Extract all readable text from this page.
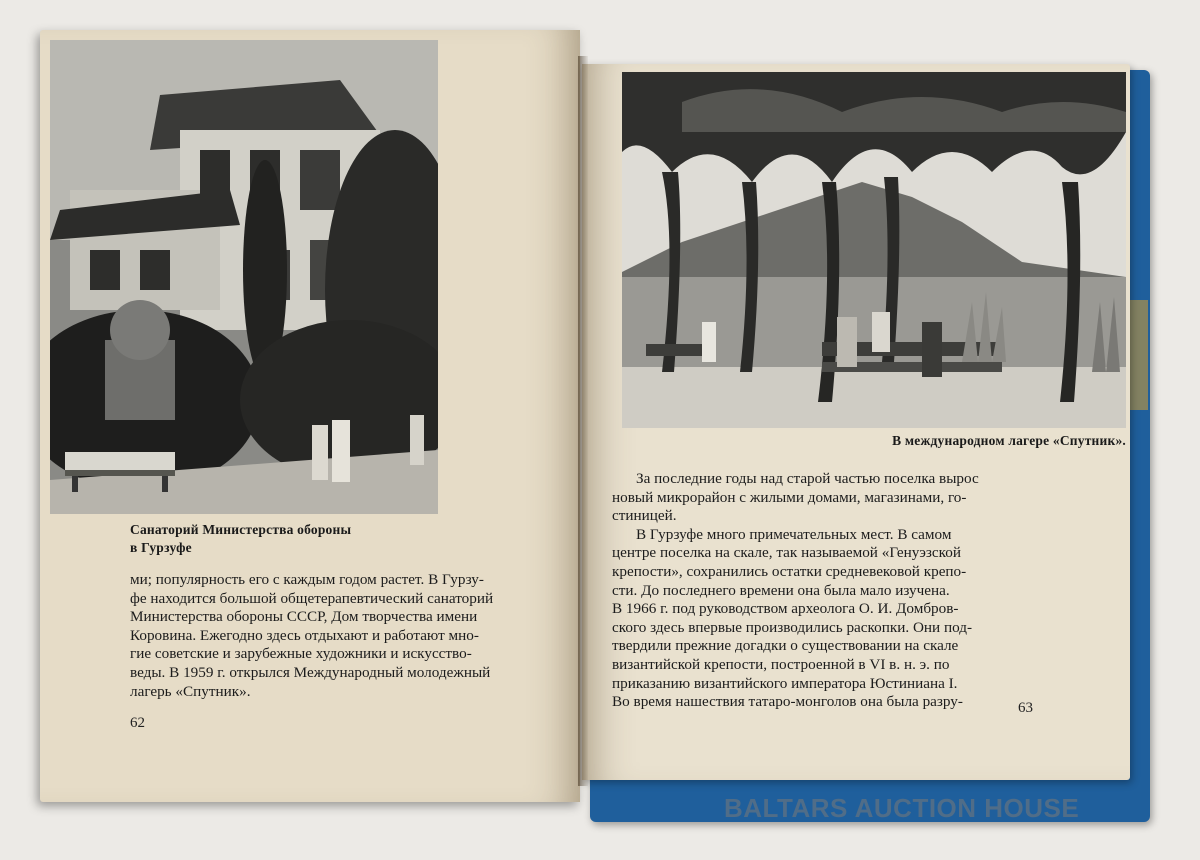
Санаторий Министерства обороны
в Гурзуфе
В международном лагере «Спутник».
ми; популярность его с каждым годом растет. В Гурзу-
фе находится большой общетерапевтический санаторий
Министерства обороны СССР, Дом творчества имени
Коровина. Ежегодно здесь отдыхают и работают мно-
гие советские и зарубежные художники и искусство-
веды. В 1959 г. открылся Международный молодежный
лагерь «Спутник».
За последние годы над старой частью поселка вырос
новый микрорайон с жилыми домами, магазинами, го-
стиницей.
В Гурзуфе много примечательных мест. В самом
центре поселка на скале, так называемой «Генуэзской
крепости», сохранились остатки средневековой крепо-
сти. До последнего времени она была мало изучена.
В 1966 г. под руководством археолога О. И. Домбров-
ского здесь впервые производились раскопки. Они под-
твердили прежние догадки о существовании на скале
византийской крепости, построенной в VI в. н. э. по
приказанию византийского императора Юстиниана I.
Во время нашествия татаро-монголов она была разру-
62
63
BALTARS AUCTION HOUSE
